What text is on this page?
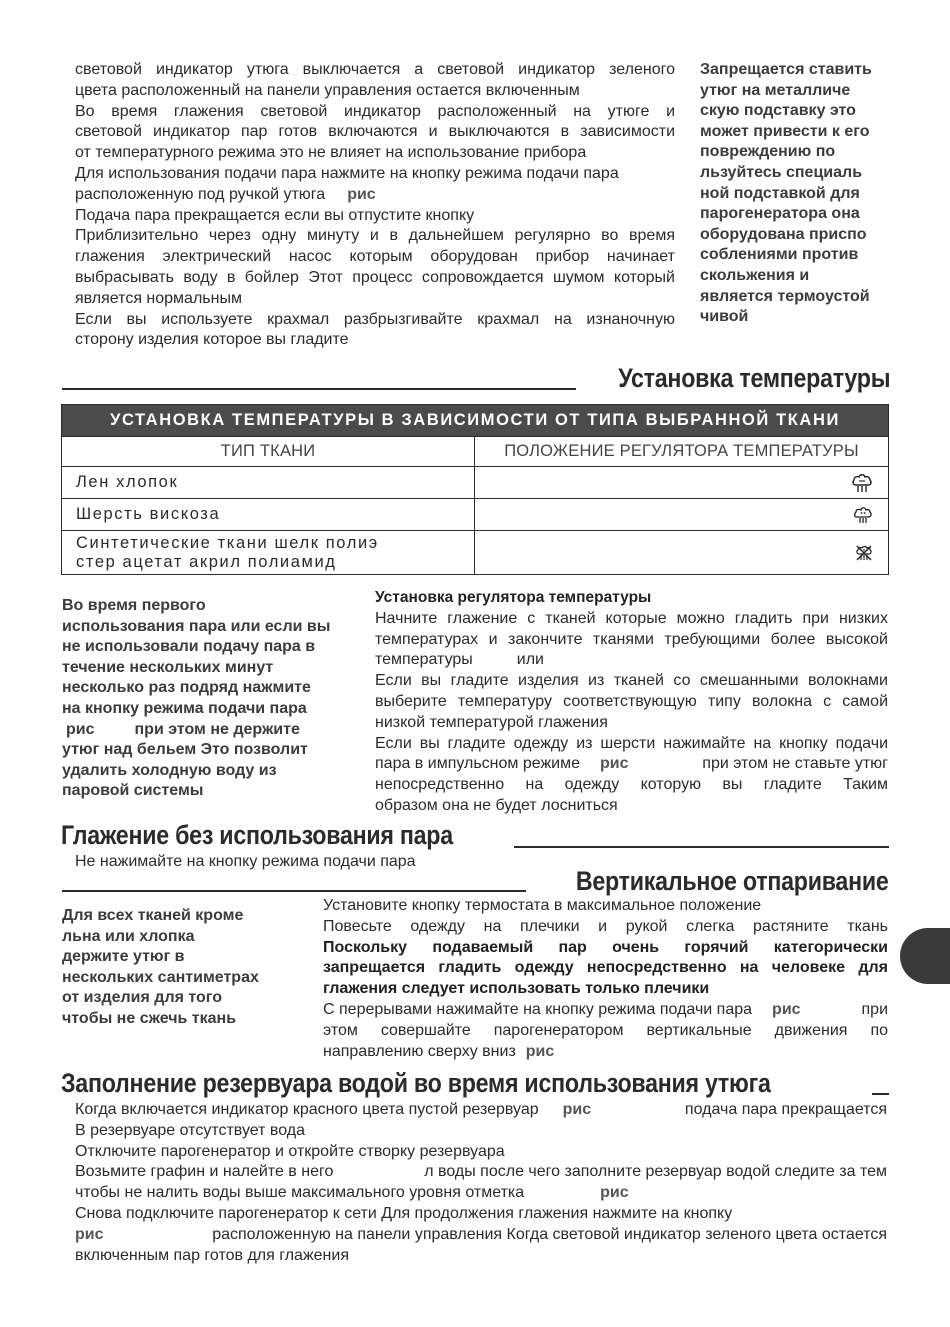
световой индикатор утюга выключается а световой индикатор зеленого

цвета расположенный на панели управления остается включенным

Во время глажения световой индикатор расположенный на утюге и

световой индикатор пар готов включаются и выключаются в зависимости

от температурного режима это не влияет на использование прибора

Для использования подачи пара нажмите на кнопку режима подачи пара

расположенную под ручкой утюга рис

Подача пара прекращается если вы отпустите кнопку

Приблизительно через одну минуту и в дальнейшем регулярно во время

глажения электрический насос которым оборудован прибор начинает

выбрасывать воду в бойлер Этот процесс сопровождается шумом который

является нормальным

Если вы используете крахмал разбрызгивайте крахмал на изнаночную

сторону изделия которое вы гладите

Запрещается ставить

утюг на металличе

скую подставку это

может привести к его

повреждению по

льзуйтесь специаль

ной подставкой для

парогенератора она

оборудована приспо

соблениями против

скольжения и

является термоустой

чивой

Установка температуры
УСТАНОВКА ТЕМПЕРАТУРЫ В ЗАВИСИМОСТИ ОТ ТИПА ВЫБРАННОЙ ТКАНИ	
ТИП ТКАНИ	ПОЛОЖЕНИЕ РЕГУЛЯТОРА ТЕМПЕРАТУРЫ
Лен хлопок	
Шерсть вискоза	

Синтетические ткани шелк полиэ
стер ацетат акрил полиамид

Во время первого

использования пара или если вы

не использовали подачу пара в

течение нескольких минут

несколько раз подряд нажмите

на кнопку режима подачи пара

рис	при этом не держите

утюг над бельем Это позволит

удалить холодную воду из

паровой системы

Установка регулятора температуры

Начните глажение с тканей которые можно гладить при низких

температурах и закончите тканями требующими более высокой

температуры	или

Если вы гладите изделия из тканей со смешанными волокнами

выберите температуру соответствующую типу волокна с самой

низкой температурой глажения

Если вы гладите одежду из шерсти нажимайте на кнопку подачи

пара в импульсном режиме рис	при этом не ставьте утюг

непосредственно на одежду которую вы гладите Таким

образом она не будет лосниться

Глажение без использования пара

Не нажимайте на кнопку режима подачи пара

Вертикальное отпаривание

Для всех тканей кроме

льна или хлопка

держите утюг в

нескольких сантиметрах

от изделия для того

чтобы не сжечь ткань

Установите кнопку термостата в максимальное положение

Повесьте одежду на плечики и рукой слегка растяните ткань

Поскольку подаваемый пар очень горячий категорически

запрещается гладить одежду непосредственно на человеке для

глажения следует использовать только плечики

С перерывами нажимайте на кнопку режима подачи пара рис	при

этом совершайте парогенератором вертикальные движения по

направлению сверху вниз рис

Заполнение резервуара водой во время использования утюга

Когда включается индикатор красного цвета пустой резервуар рис	подача пара прекращается

В резервуаре отсутствует вода

Отключите парогенератор и откройте створку резервуара

Возьмите графин и налейте в него	л воды после чего заполните резервуар водой следите за тем

чтобы не налить воды выше максимального уровня отметка	рис

Снова подключите парогенератор к сети Для продолжения глажения нажмите на кнопку

рис	расположенную на панели управления Когда световой индикатор зеленого цвета остается

включенным пар готов для глажения
